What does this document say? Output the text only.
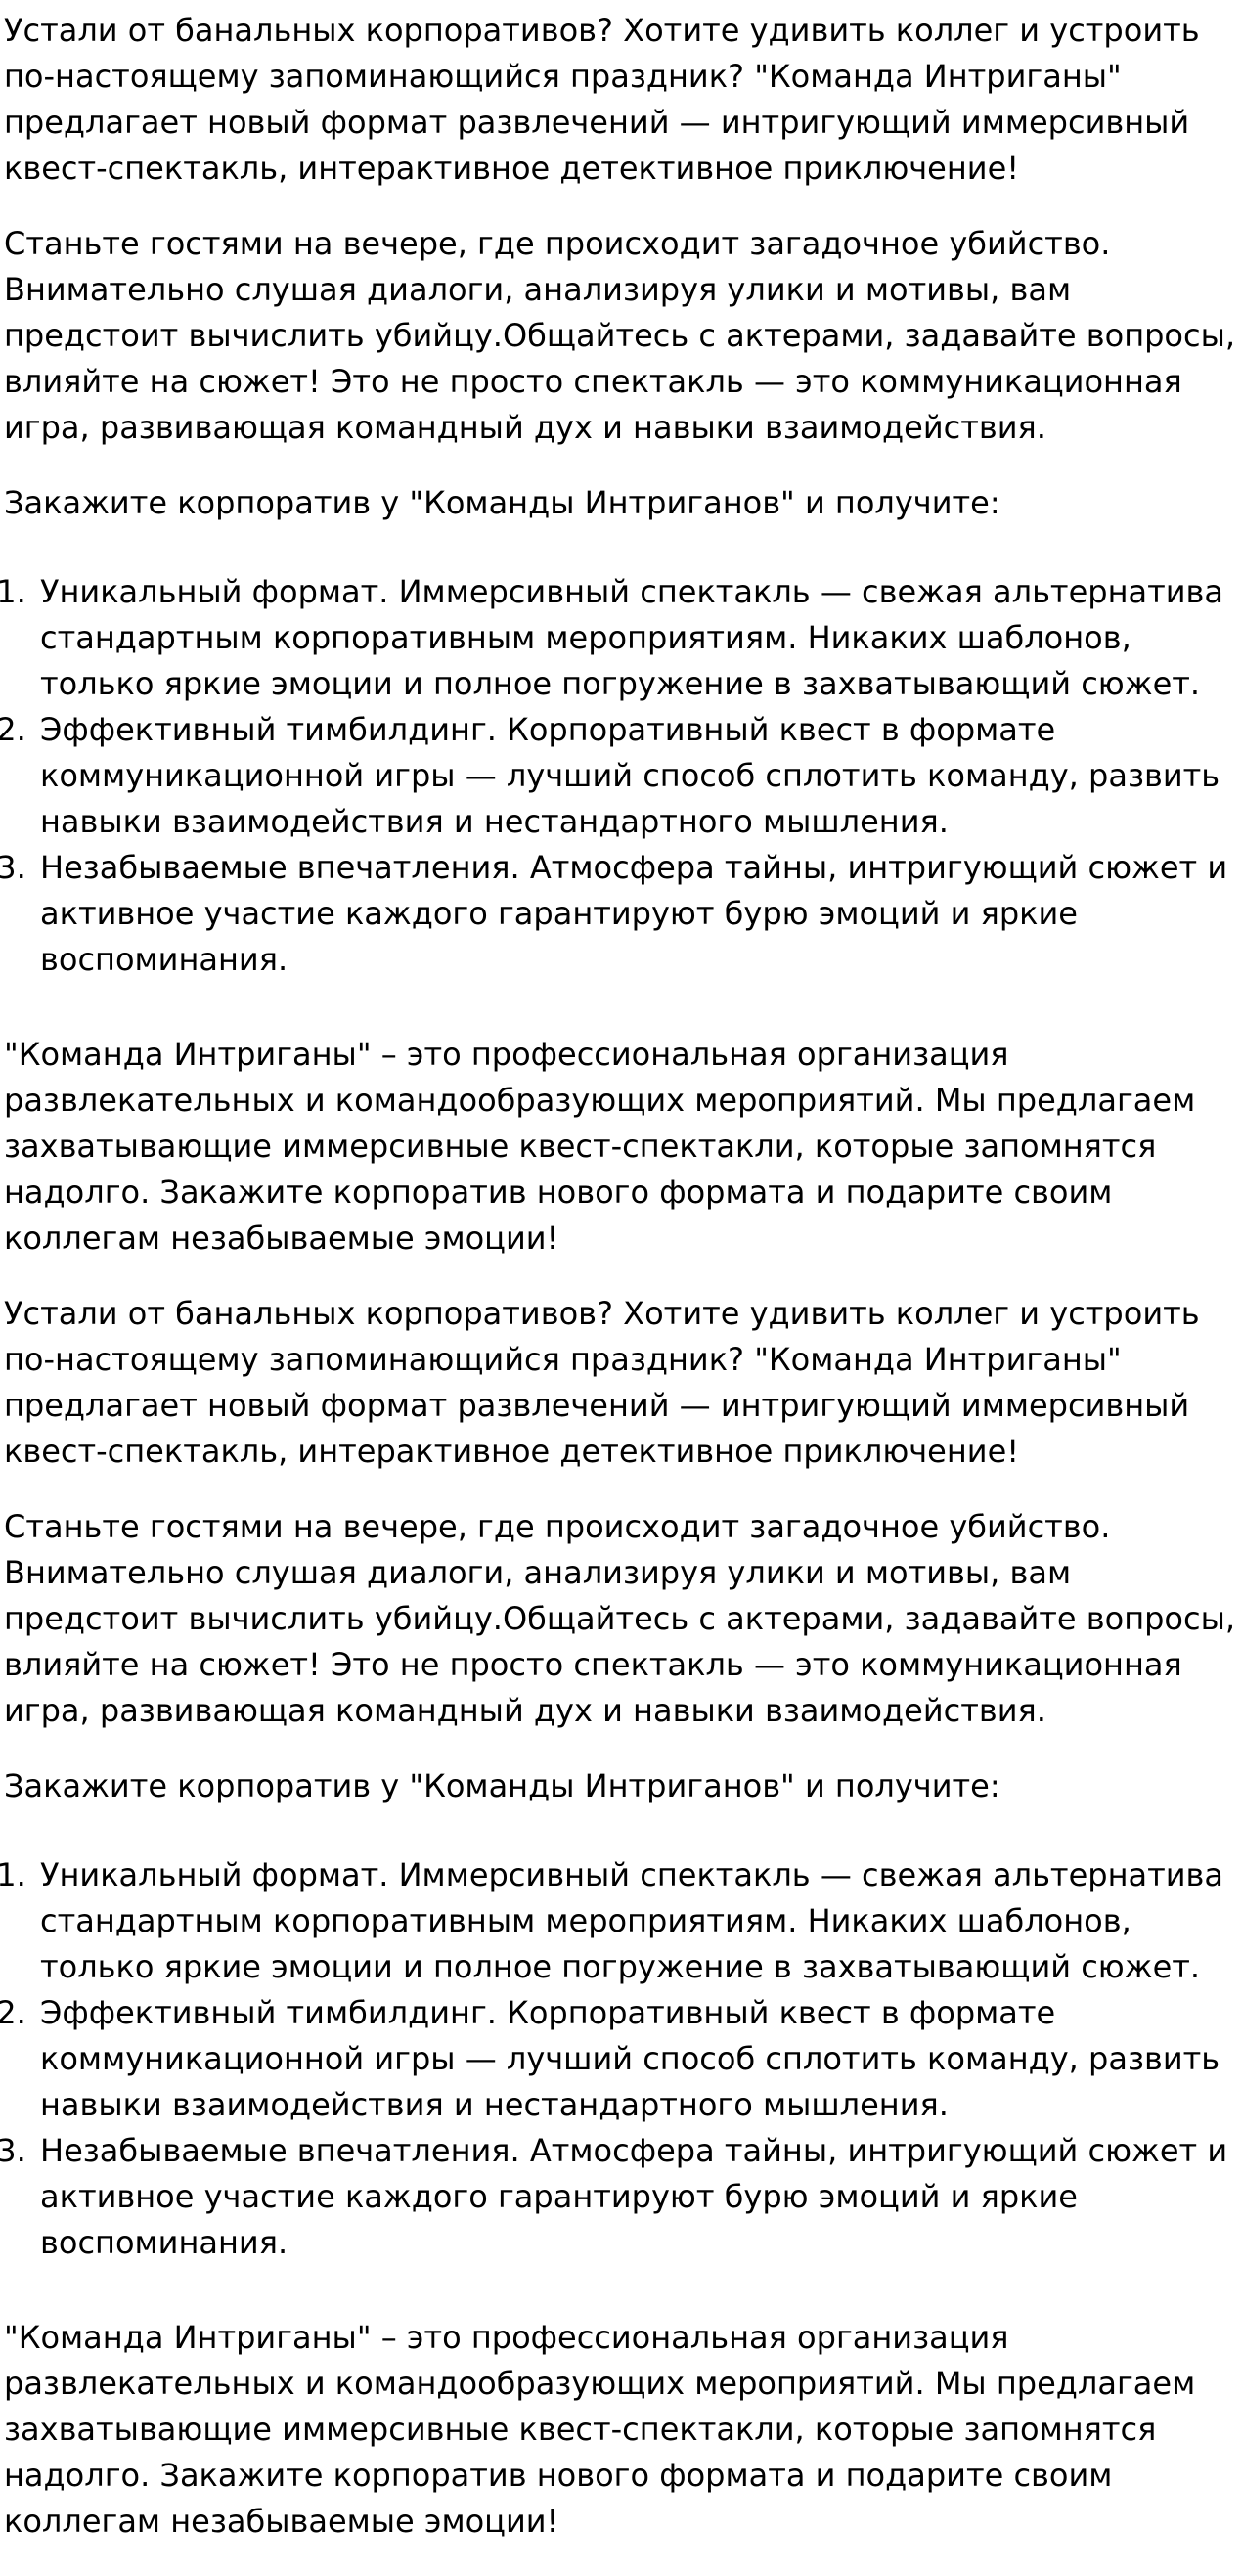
Устали от банальных корпоративов? Хотите удивить коллег и устроить по-настоящему запоминающийся праздник? "Команда Интриганы" предлагает новый формат развлечений — интригующий иммерсивный квест-спектакль, интерактивное детективное приключение!

Станьте гостями на вечере, где происходит загадочное убийство. Внимательно слушая диалоги, анализируя улики и мотивы, вам предстоит вычислить убийцу.Общайтесь с актерами, задавайте вопросы, влияйте на сюжет! Это не просто спектакль — это коммуникационная игра, развивающая командный дух и навыки взаимодействия.

Закажите корпоратив у "Команды Интриганов" и получите:

1. Уникальный формат. Иммерсивный спектакль — свежая альтернатива стандартным корпоративным мероприятиям. Никаких шаблонов, только яркие эмоции и полное погружение в захватывающий сюжет.
2. Эффективный тимбилдинг. Корпоративный квест в формате коммуникационной игры — лучший способ сплотить команду, развить навыки взаимодействия и нестандартного мышления.
3. Незабываемые впечатления. Атмосфера тайны, интригующий сюжет и активное участие каждого гарантируют бурю эмоций и яркие воспоминания.

"Команда Интриганы" – это профессиональная организация развлекательных и командообразующих мероприятий. Мы предлагаем захватывающие иммерсивные квест-спектакли, которые запомнятся надолго. Закажите корпоратив нового формата и подарите своим коллегам незабываемые эмоции!

Устали от банальных корпоративов? Хотите удивить коллег и устроить по-настоящему запоминающийся праздник? "Команда Интриганы" предлагает новый формат развлечений — интригующий иммерсивный квест-спектакль, интерактивное детективное приключение!

Станьте гостями на вечере, где происходит загадочное убийство. Внимательно слушая диалоги, анализируя улики и мотивы, вам предстоит вычислить убийцу.Общайтесь с актерами, задавайте вопросы, влияйте на сюжет! Это не просто спектакль — это коммуникационная игра, развивающая командный дух и навыки взаимодействия.

Закажите корпоратив у "Команды Интриганов" и получите:

1. Уникальный формат. Иммерсивный спектакль — свежая альтернатива стандартным корпоративным мероприятиям. Никаких шаблонов, только яркие эмоции и полное погружение в захватывающий сюжет.
2. Эффективный тимбилдинг. Корпоративный квест в формате коммуникационной игры — лучший способ сплотить команду, развить навыки взаимодействия и нестандартного мышления.
3. Незабываемые впечатления. Атмосфера тайны, интригующий сюжет и активное участие каждого гарантируют бурю эмоций и яркие воспоминания.

"Команда Интриганы" – это профессиональная организация развлекательных и командообразующих мероприятий. Мы предлагаем захватывающие иммерсивные квест-спектакли, которые запомнятся надолго. Закажите корпоратив нового формата и подарите своим коллегам незабываемые эмоции!
